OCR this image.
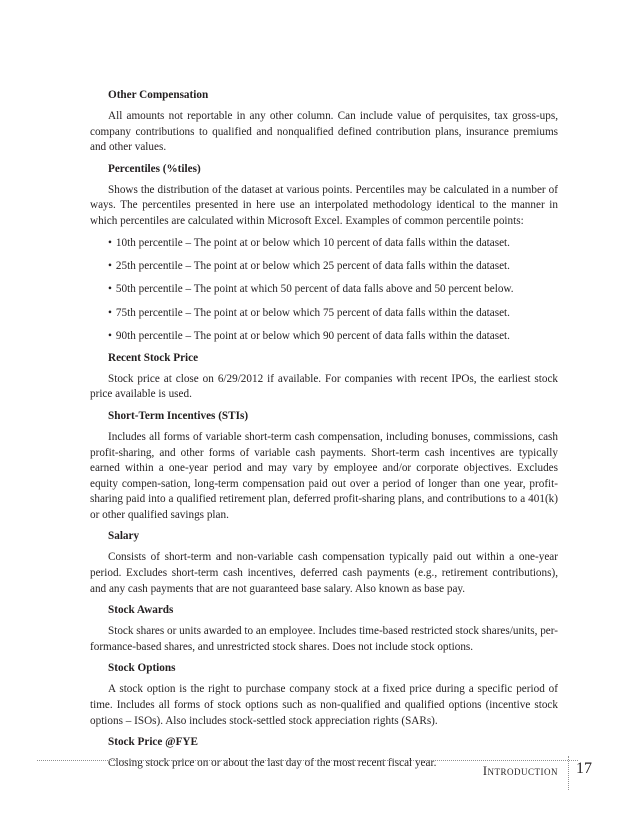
Other Compensation

All amounts not reportable in any other column. Can include value of perquisites, tax gross-ups, company contributions to qualified and nonqualified defined contribution plans, insurance premiums and other values.

Percentiles (%tiles)

Shows the distribution of the dataset at various points. Percentiles may be calculated in a number of ways. The percentiles presented in here use an interpolated methodology identical to the manner in which percentiles are calculated within Microsoft Excel. Examples of common percentile points:

• 10th percentile – The point at or below which 10 percent of data falls within the dataset.
• 25th percentile – The point at or below which 25 percent of data falls within the dataset.
• 50th percentile – The point at which 50 percent of data falls above and 50 percent below.
• 75th percentile – The point at or below which 75 percent of data falls within the dataset.
• 90th percentile – The point at or below which 90 percent of data falls within the dataset.
Recent Stock Price

Stock price at close on 6/29/2012 if available. For companies with recent IPOs, the earliest stock price available is used.

Short-Term Incentives (STIs)

Includes all forms of variable short-term cash compensation, including bonuses, commissions, cash profit-sharing, and other forms of variable cash payments. Short-term cash incentives are typically earned within a one-year period and may vary by employee and/or corporate objectives. Excludes equity compen-sation, long-term compensation paid out over a period of longer than one year, profit-sharing paid into a qualified retirement plan, deferred profit-sharing plans, and contributions to a 401(k) or other qualified savings plan.

Salary

Consists of short-term and non-variable cash compensation typically paid out within a one-year period. Excludes short-term cash incentives, deferred cash payments (e.g., retirement contributions), and any cash payments that are not guaranteed base salary. Also known as base pay.

Stock Awards

Stock shares or units awarded to an employee. Includes time-based restricted stock shares/units, per-formance-based shares, and unrestricted stock shares. Does not include stock options.

Stock Options

A stock option is the right to purchase company stock at a fixed price during a specific period of time. Includes all forms of stock options such as non-qualified and qualified options (incentive stock options – ISOs). Also includes stock-settled stock appreciation rights (SARs).

Stock Price @FYE

Closing stock price on or about the last day of the most recent fiscal year.

Introduction 17
